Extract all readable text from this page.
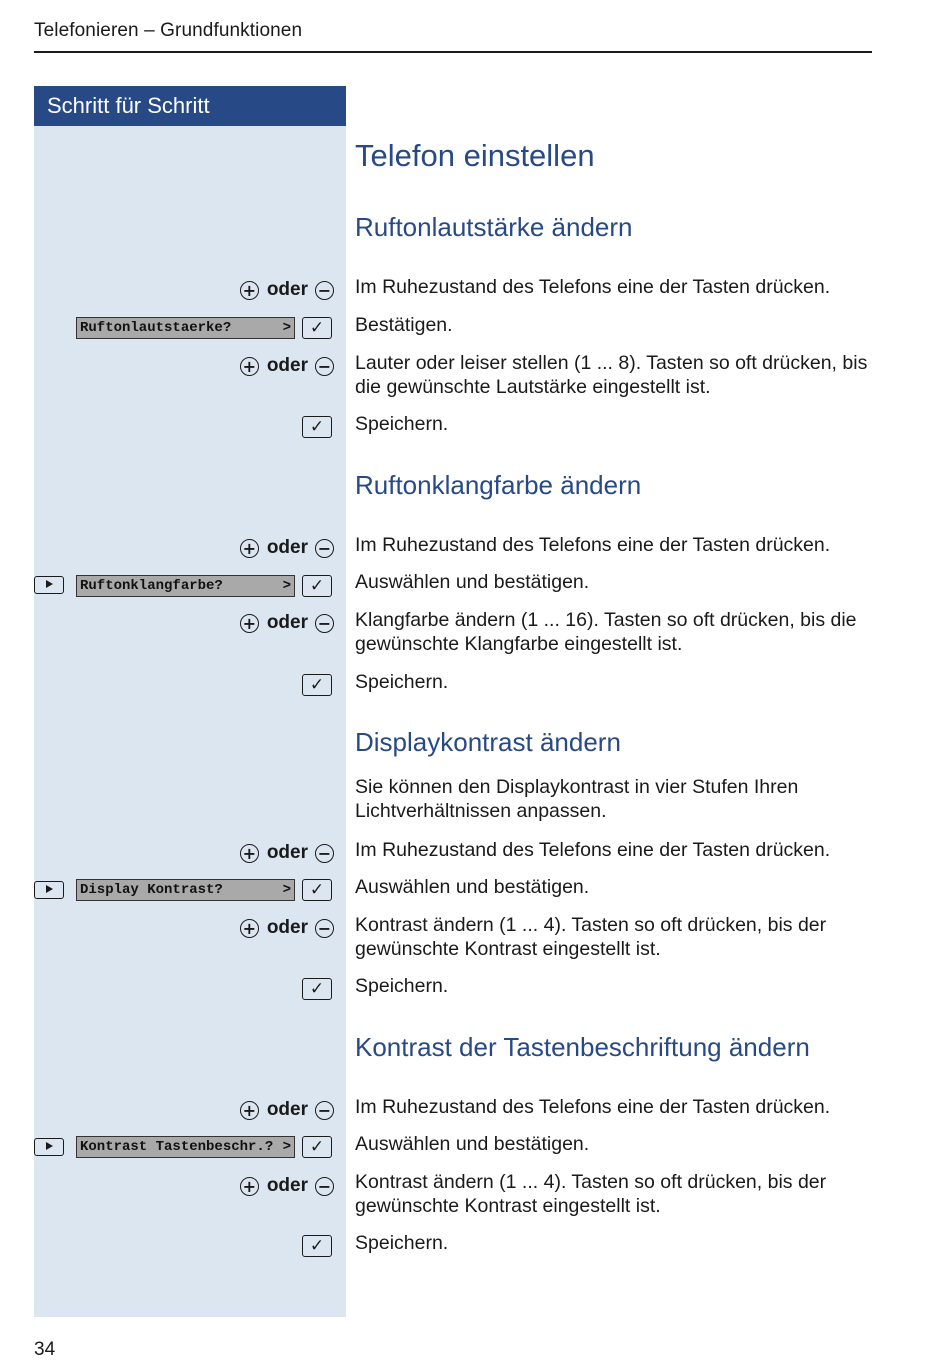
Telefonieren – Grundfunktionen
Schritt für Schritt
Telefon einstellen
Ruftonlautstärke ändern
+ oder − Im Ruhezustand des Telefons eine der Tasten drücken.
Ruftonlautstaerke?	>	✓	Bestätigen.
+ oder − Lauter oder leiser stellen (1 ... 8). Tasten so oft drücken, bis die gewünschte Lautstärke eingestellt ist.
✓	Speichern.
Ruftonklangfarbe ändern
+ oder − Im Ruhezustand des Telefons eine der Tasten drücken.
Ruftonklangfarbe?	>	✓	Auswählen und bestätigen.
+ oder − Klangfarbe ändern (1 ... 16). Tasten so oft drücken, bis die gewünschte Klangfarbe eingestellt ist.
✓	Speichern.
Displaykontrast ändern
Sie können den Displaykontrast in vier Stufen Ihren Lichtverhältnissen anpassen.
+ oder − Im Ruhezustand des Telefons eine der Tasten drücken.
Display Kontrast?	>	✓	Auswählen und bestätigen.
+ oder − Kontrast ändern (1 ... 4). Tasten so oft drücken, bis der gewünschte Kontrast eingestellt ist.
✓	Speichern.
Kontrast der Tastenbeschriftung ändern
+ oder − Im Ruhezustand des Telefons eine der Tasten drücken.
Kontrast Tastenbeschr.? >	✓	Auswählen und bestätigen.
+ oder − Kontrast ändern (1 ... 4). Tasten so oft drücken, bis der gewünschte Kontrast eingestellt ist.
✓	Speichern.
34
